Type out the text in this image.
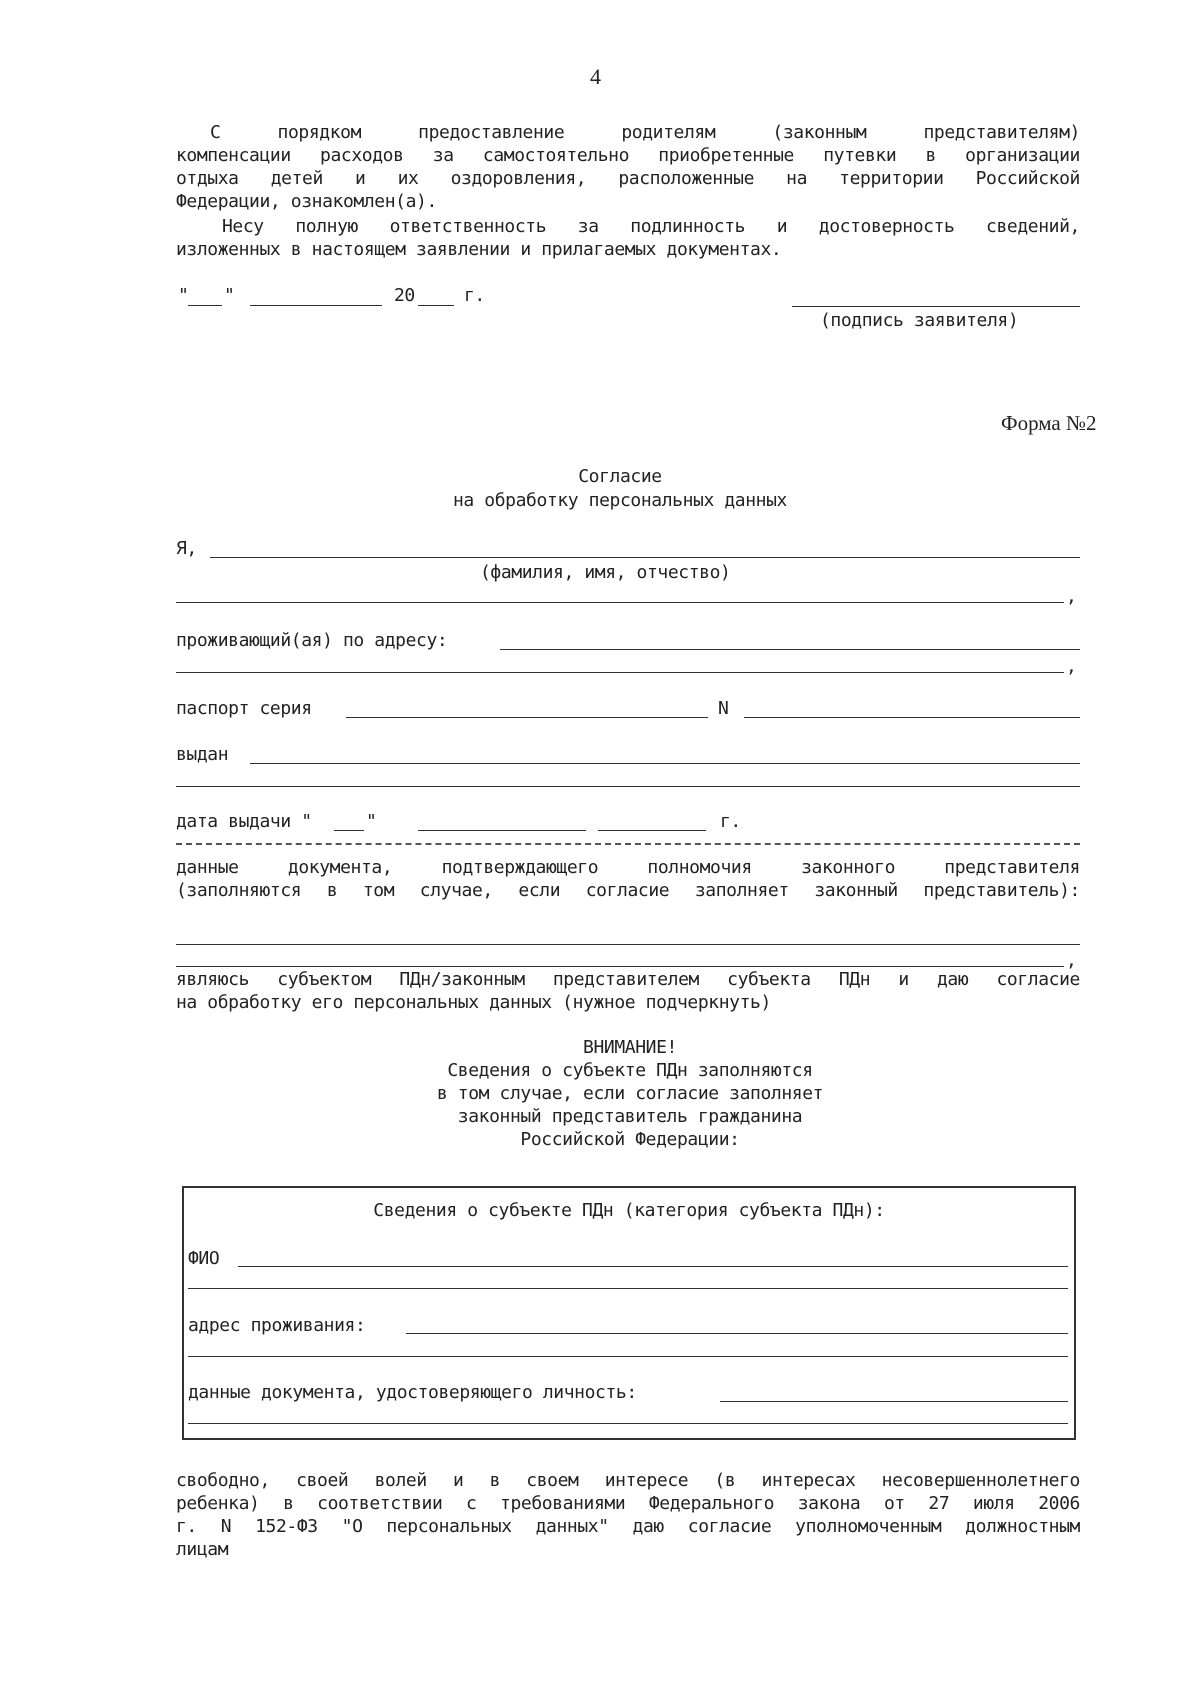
4
С порядком предоставление родителям (законным представителям)
компенсации расходов за самостоятельно приобретенные путевки в организации
отдыха детей и их оздоровления, расположенные на территории Российской
Федерации, ознакомлен(а).
Несу полную ответственность за подлинность и достоверность сведений,
изложенных в настоящем заявлении и прилагаемых документах.
" "	20	г.
(подпись заявителя)
Форма №2
Согласие
на обработку персональных данных
Я,
(фамилия, имя, отчество)
,
проживающий(ая) по адресу:
,
паспорт серия	N
выдан
дата выдачи "	"	г.
данные документа, подтверждающего полномочия законного представителя
(заполняются в том случае, если согласие заполняет законный представитель):
,
являюсь субъектом ПДн/законным представителем субъекта ПДн и даю согласие
на обработку его персональных данных (нужное подчеркнуть)
ВНИМАНИЕ!
Сведения о субъекте ПДн заполняются
в том случае, если согласие заполняет
законный представитель гражданина
Российской Федерации:
Сведения о субъекте ПДн (категория субъекта ПДн):
ФИО
адрес проживания:
данные документа, удостоверяющего личность:
свободно, своей волей и в своем интересе (в интересах несовершеннолетнего
ребенка) в соответствии с требованиями Федерального закона от 27 июля 2006
г. N 152-ФЗ "О персональных данных" даю согласие уполномоченным должностным
лицам
